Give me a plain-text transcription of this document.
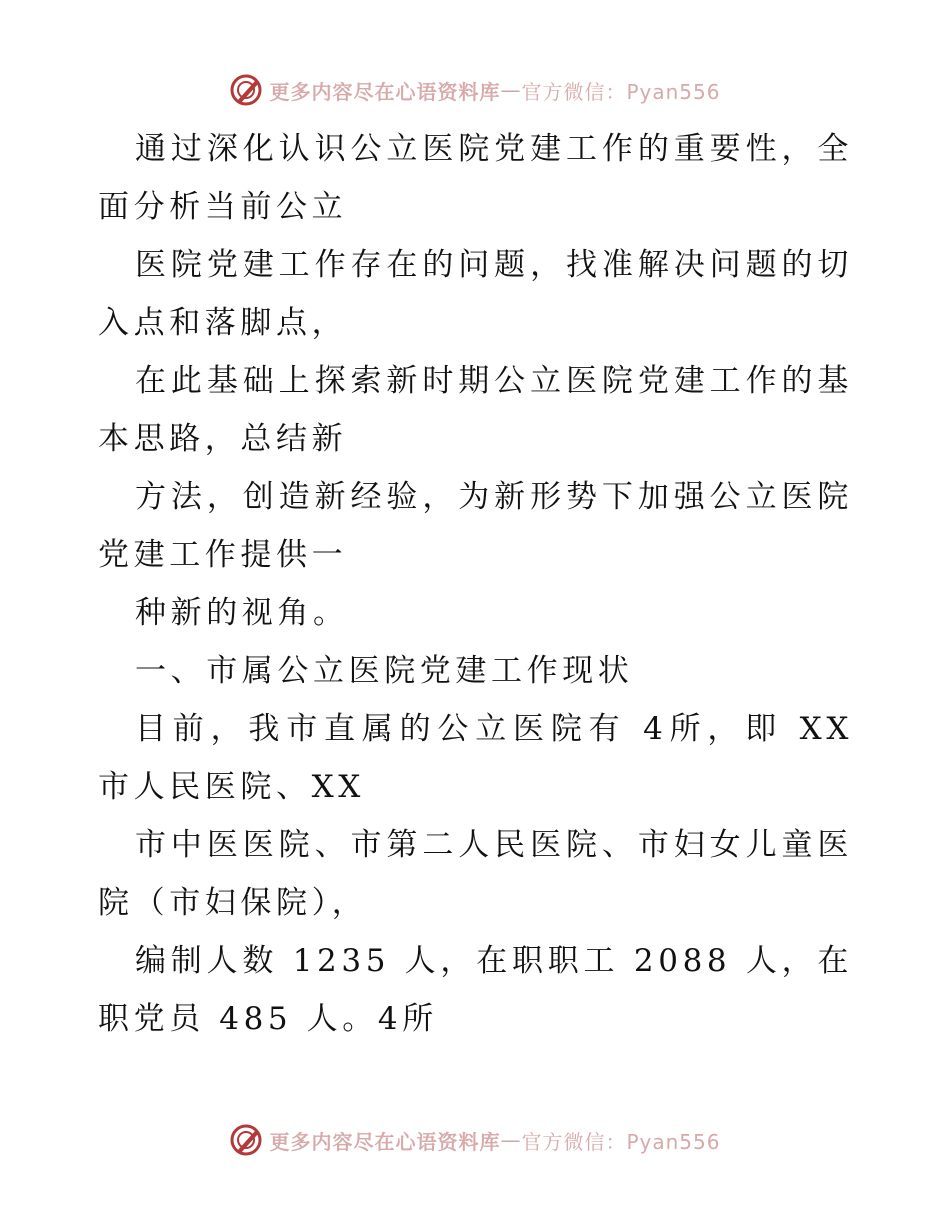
更多内容尽在心语资料库 — 官方微信：Pyan556

通过深化认识公立医院党建工作的重要性，全面分析当前公立

医院党建工作存在的问题，找准解决问题的切入点和落脚点，

在此基础上探索新时期公立医院党建工作的基本思路，总结新

方法，创造新经验，为新形势下加强公立医院党建工作提供一

种新的视角。

一、市属公立医院党建工作现状

目前，我市直属的公立医院有 4所，即 XX 市人民医院、XX

市中医医院、市第二人民医院、市妇女儿童医院（市妇保院），

编制人数 1235 人，在职职工 2088 人，在职党员 485 人。4所

更多内容尽在心语资料库 — 官方微信：Pyan556
